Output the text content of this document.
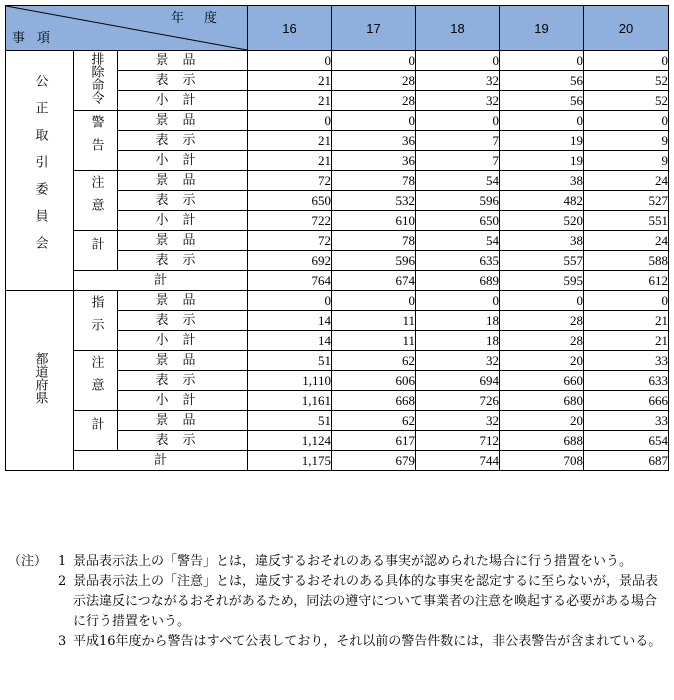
年度
事項			16	17	18	19	20
公正取引委員会	排除命令	景品	0	0	0	0	0
		表示	21	28	32	56	52
		小計	21	28	32	56	52
	警告	景品	0	0	0	0	0
		表示	21	36	7	19	9
		小計	21	36	7	19	9
	注意	景品	72	78	54	38	24
		表示	650	532	596	482	527
		小計	722	610	650	520	551
	計	景品	72	78	54	38	24
		表示	692	596	635	557	588
	計		764	674	689	595	612
都道府県	指示	景品	0	0	0	0	0
		表示	14	11	18	28	21
		小計	14	11	18	28	21
	注意	景品	51	62	32	20	33
		表示	1,110	606	694	660	633
		小計	1,161	668	726	680	666
	計	景品	51	62	32	20	33
		表示	1,124	617	712	688	654
	計		1,175	679	744	708	687
（注） 1 景品表示法上の「警告」とは，違反するおそれのある事実が認められた場合に行う措置をいう。
2 景品表示法上の「注意」とは，違反するおそれのある具体的な事実を認定するに至らないが，景品表示法違反につながるおそれがあるため，同法の遵守について事業者の注意を喚起する必要がある場合に行う措置をいう。
3 平成16年度から警告はすべて公表しており，それ以前の警告件数には，非公表警告が含まれている。
